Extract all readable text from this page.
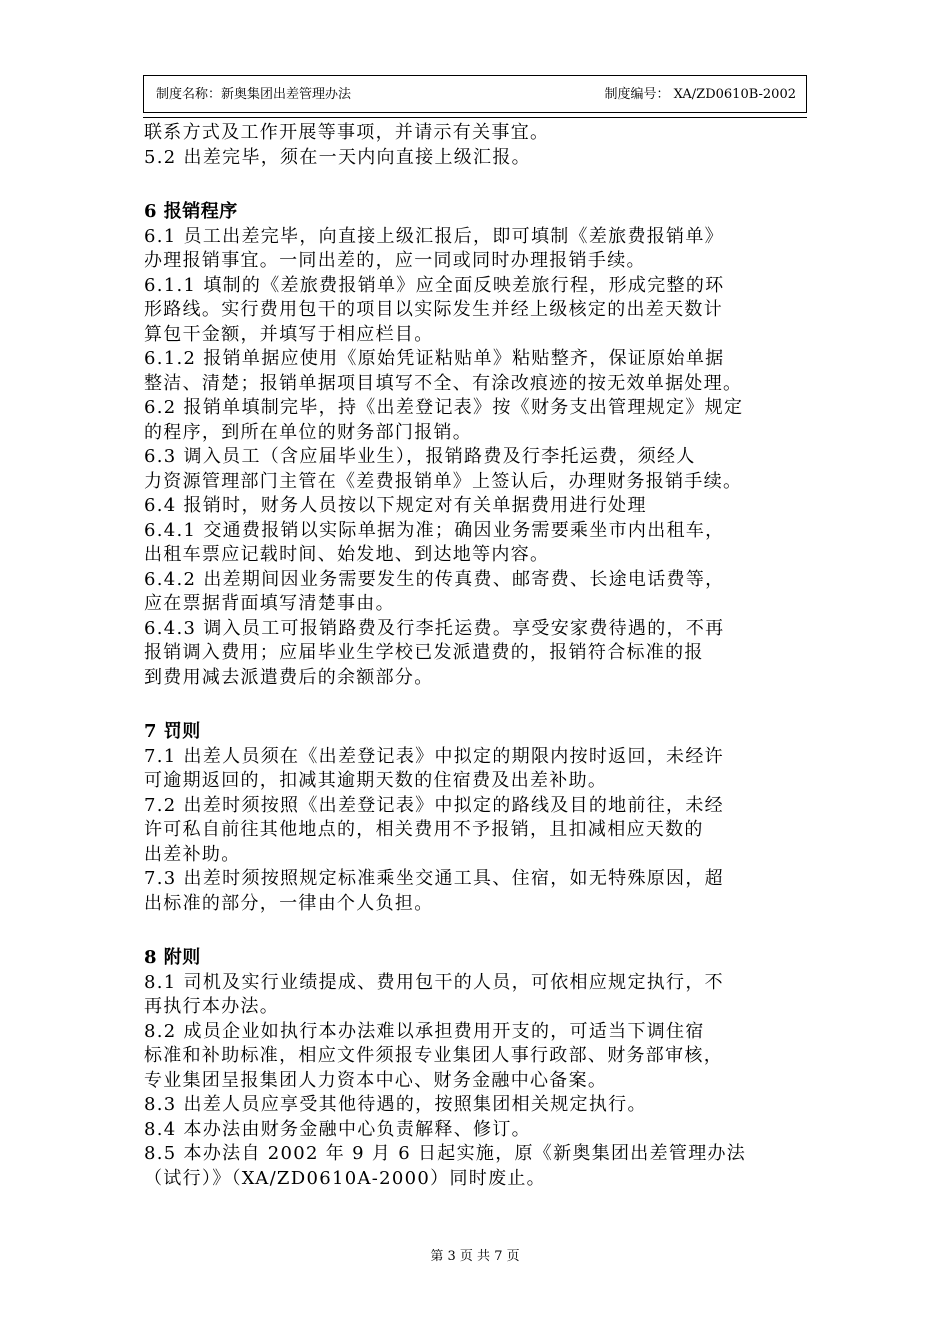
制度名称：新奥集团出差管理办法	制度编号： XA/ZD0610B-2002

联系方式及工作开展等事项，并请示有关事宜。

5.2 出差完毕，须在一天内向直接上级汇报。

6 报销程序

6.1 员工出差完毕，向直接上级汇报后，即可填制《差旅费报销单》

办理报销事宜。一同出差的，应一同或同时办理报销手续。

6.1.1 填制的《差旅费报销单》应全面反映差旅行程，形成完整的环

形路线。实行费用包干的项目以实际发生并经上级核定的出差天数计

算包干金额，并填写于相应栏目。

6.1.2 报销单据应使用《原始凭证粘贴单》粘贴整齐，保证原始单据

整洁、清楚；报销单据项目填写不全、有涂改痕迹的按无效单据处理。

6.2 报销单填制完毕，持《出差登记表》按《财务支出管理规定》规定

的程序，到所在单位的财务部门报销。

6.3 调入员工（含应届毕业生），报销路费及行李托运费，须经人

力资源管理部门主管在《差费报销单》上签认后，办理财务报销手续。

6.4 报销时，财务人员按以下规定对有关单据费用进行处理

6.4.1 交通费报销以实际单据为准；确因业务需要乘坐市内出租车，

出租车票应记载时间、始发地、到达地等内容。

6.4.2 出差期间因业务需要发生的传真费、邮寄费、长途电话费等，

应在票据背面填写清楚事由。

6.4.3 调入员工可报销路费及行李托运费。享受安家费待遇的，不再

报销调入费用；应届毕业生学校已发派遣费的，报销符合标准的报

到费用减去派遣费后的余额部分。

7 罚则

7.1 出差人员须在《出差登记表》中拟定的期限内按时返回，未经许

可逾期返回的，扣减其逾期天数的住宿费及出差补助。

7.2 出差时须按照《出差登记表》中拟定的路线及目的地前往，未经

许可私自前往其他地点的，相关费用不予报销，且扣减相应天数的

出差补助。

7.3 出差时须按照规定标准乘坐交通工具、住宿，如无特殊原因，超

出标准的部分，一律由个人负担。

8 附则

8.1 司机及实行业绩提成、费用包干的人员，可依相应规定执行，不

再执行本办法。

8.2 成员企业如执行本办法难以承担费用开支的，可适当下调住宿

标准和补助标准，相应文件须报专业集团人事行政部、财务部审核，

专业集团呈报集团人力资本中心、财务金融中心备案。

8.3 出差人员应享受其他待遇的，按照集团相关规定执行。

8.4 本办法由财务金融中心负责解释、修订。

8.5 本办法自 2002 年 9 月 6 日起实施，原《新奥集团出差管理办法

（试行）》（XA/ZD0610A-2000）同时废止。

第 3 页 共 7 页
